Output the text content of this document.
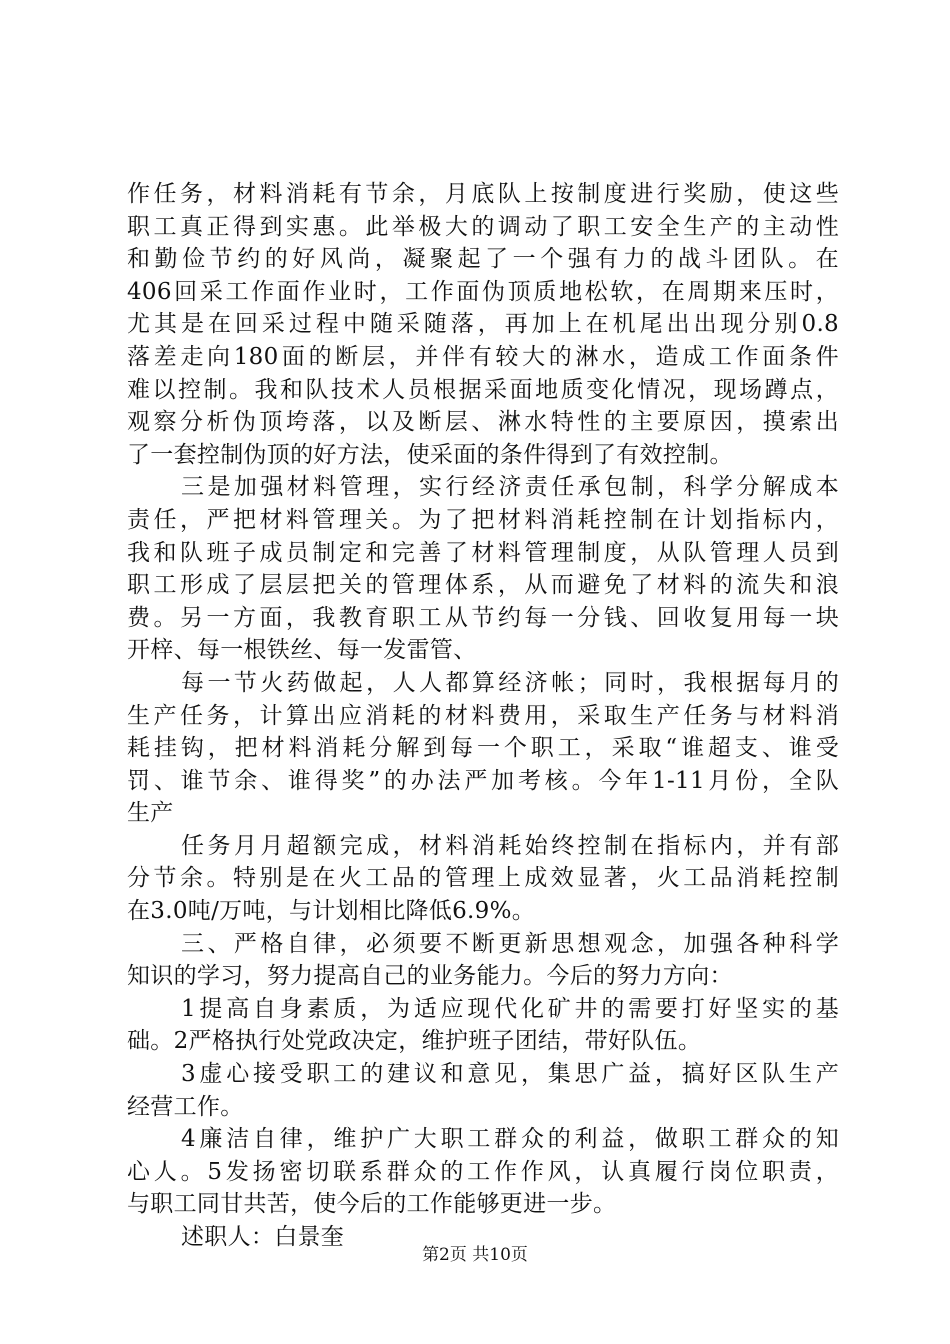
作任务，材料消耗有节余，月底队上按制度进行奖励，使这些
职工真正得到实惠。此举极大的调动了职工安全生产的主动性
和勤俭节约的好风尚，凝聚起了一个强有力的战斗团队。在
406回采工作面作业时，工作面伪顶质地松软，在周期来压时，
尤其是在回采过程中随采随落，再加上在机尾出出现分别0.8
落差走向180面的断层，并伴有较大的淋水，造成工作面条件
难以控制。我和队技术人员根据采面地质变化情况，现场蹲点，
观察分析伪顶垮落，以及断层、淋水特性的主要原因，摸索出
了一套控制伪顶的好方法，使采面的条件得到了有效控制。
三是加强材料管理，实行经济责任承包制，科学分解成本
责任，严把材料管理关。为了把材料消耗控制在计划指标内，
我和队班子成员制定和完善了材料管理制度，从队管理人员到
职工形成了层层把关的管理体系，从而避免了材料的流失和浪
费。另一方面，我教育职工从节约每一分钱、回收复用每一块
开梓、每一根铁丝、每一发雷管、
每一节火药做起，人人都算经济帐；同时，我根据每月的
生产任务，计算出应消耗的材料费用，采取生产任务与材料消
耗挂钩，把材料消耗分解到每一个职工，采取“谁超支、谁受
罚、谁节余、谁得奖”的办法严加考核。今年1-11月份，全队
生产
任务月月超额完成，材料消耗始终控制在指标内，并有部
分节余。特别是在火工品的管理上成效显著，火工品消耗控制
在3.0吨/万吨，与计划相比降低6.9%。
三、严格自律，必须要不断更新思想观念，加强各种科学
知识的学习，努力提高自己的业务能力。今后的努力方向：
1提高自身素质，为适应现代化矿井的需要打好坚实的基
础。2严格执行处党政决定，维护班子团结，带好队伍。
3虚心接受职工的建议和意见，集思广益，搞好区队生产
经营工作。
4廉洁自律，维护广大职工群众的利益，做职工群众的知
心人。5发扬密切联系群众的工作作风，认真履行岗位职责，
与职工同甘共苦，使今后的工作能够更进一步。
述职人：白景奎
第2页 共10页
